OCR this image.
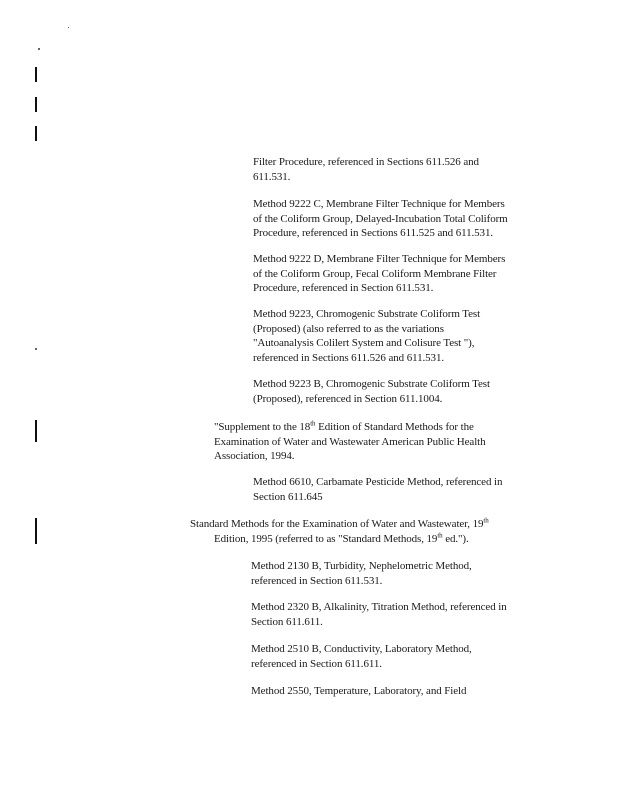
Filter Procedure, referenced in Sections 611.526 and
611.531.
Method 9222 C, Membrane Filter Technique for Members
of the Coliform Group, Delayed-Incubation Total Coliform
Procedure, referenced in Sections 611.525 and 611.531.
Method 9222 D, Membrane Filter Technique for Members
of the Coliform Group, Fecal Coliform Membrane Filter
Procedure, referenced in Section 611.531.
Method 9223, Chromogenic Substrate Coliform Test
(Proposed) (also referred to as the variations
"Autoanalysis Colilert System and Colisure Test "),
referenced in Sections 611.526 and 611.531.
Method 9223 B, Chromogenic Substrate Coliform Test
(Proposed), referenced in Section 611.1004.
"Supplement to the 18th Edition of Standard Methods for the
Examination of Water and Wastewater American Public Health
Association, 1994.
Method 6610, Carbamate Pesticide Method, referenced in
Section 611.645
Standard Methods for the Examination of Water and Wastewater, 19th
Edition, 1995 (referred to as "Standard Methods, 19th ed.").
Method 2130 B, Turbidity, Nephelometric Method,
referenced in Section 611.531.
Method 2320 B, Alkalinity, Titration Method, referenced in
Section 611.611.
Method 2510 B, Conductivity, Laboratory Method,
referenced in Section 611.611.
Method 2550, Temperature, Laboratory, and Field
